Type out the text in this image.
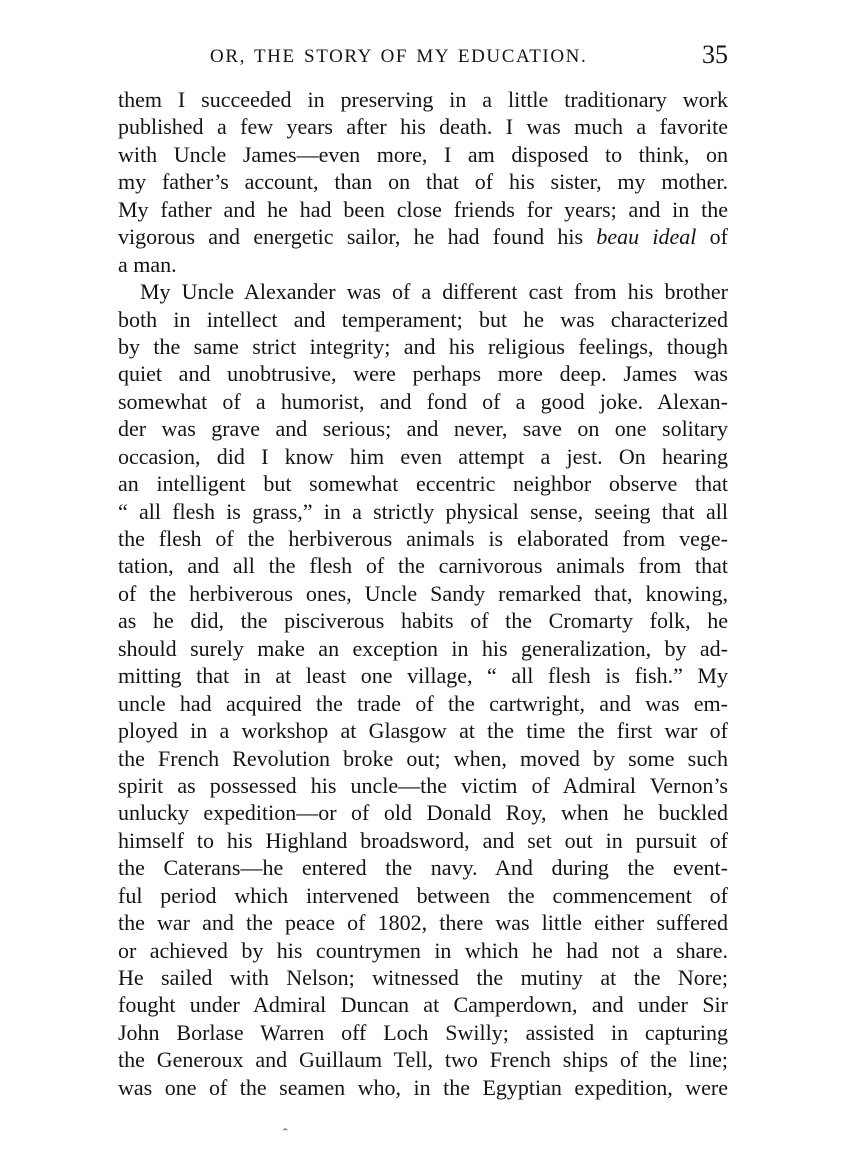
OR, THE STORY OF MY EDUCATION.	35
them I succeeded in preserving in a little traditionary work
published a few years after his death. I was much a favorite
with Uncle James—even more, I am disposed to think, on
my father’s account, than on that of his sister, my mother.
My father and he had been close friends for years; and in the
vigorous and energetic sailor, he had found his beau ideal of
a man.
My Uncle Alexander was of a different cast from his brother
both in intellect and temperament; but he was characterized
by the same strict integrity; and his religious feelings, though
quiet and unobtrusive, were perhaps more deep. James was
somewhat of a humorist, and fond of a good joke. Alexan-
der was grave and serious; and never, save on one solitary
occasion, did I know him even attempt a jest. On hearing
an intelligent but somewhat eccentric neighbor observe that
“ all flesh is grass,” in a strictly physical sense, seeing that all
the flesh of the herbiverous animals is elaborated from vege-
tation, and all the flesh of the carnivorous animals from that
of the herbiverous ones, Uncle Sandy remarked that, knowing,
as he did, the pisciverous habits of the Cromarty folk, he
should surely make an exception in his generalization, by ad-
mitting that in at least one village, “ all flesh is fish.” My
uncle had acquired the trade of the cartwright, and was em-
ployed in a workshop at Glasgow at the time the first war of
the French Revolution broke out; when, moved by some such
spirit as possessed his uncle—the victim of Admiral Vernon’s
unlucky expedition—or of old Donald Roy, when he buckled
himself to his Highland broadsword, and set out in pursuit of
the Caterans—he entered the navy. And during the event-
ful period which intervened between the commencement of
the war and the peace of 1802, there was little either suffered
or achieved by his countrymen in which he had not a share.
He sailed with Nelson; witnessed the mutiny at the Nore;
fought under Admiral Duncan at Camperdown, and under Sir
John Borlase Warren off Loch Swilly; assisted in capturing
the Generoux and Guillaum Tell, two French ships of the line;
was one of the seamen who, in the Egyptian expedition, were
ˆ
